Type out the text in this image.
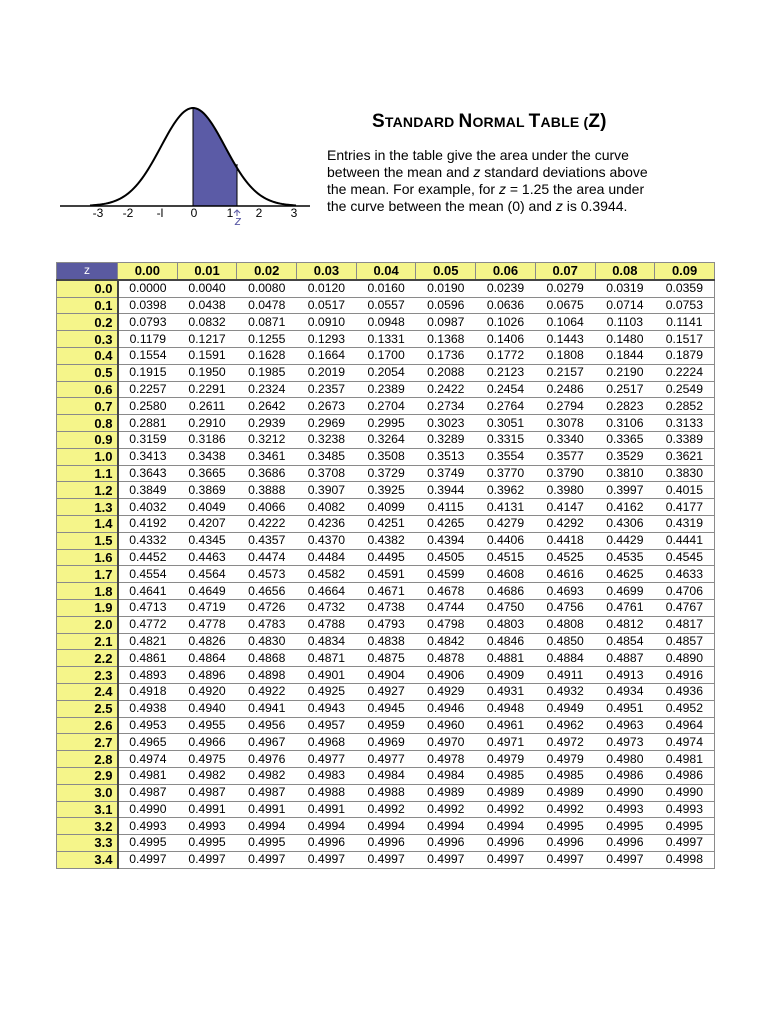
-3 -2 -l 0 1 2 3
z
STANDARD NORMAL TABLE (Z)
Entries in the table give the area under the curve
between the mean and z standard deviations above
the mean. For example, for z = 1.25 the area under
the curve between the mean (0) and z is 0.3944.
z	0.00	0.01	0.02	0.03	0.04	0.05	0.06	0.07	0.08	0.09
0.0	0.0000	0.0040	0.0080	0.0120	0.0160	0.0190	0.0239	0.0279	0.0319	0.0359
0.1	0.0398	0.0438	0.0478	0.0517	0.0557	0.0596	0.0636	0.0675	0.0714	0.0753
0.2	0.0793	0.0832	0.0871	0.0910	0.0948	0.0987	0.1026	0.1064	0.1103	0.1141
0.3	0.1179	0.1217	0.1255	0.1293	0.1331	0.1368	0.1406	0.1443	0.1480	0.1517
0.4	0.1554	0.1591	0.1628	0.1664	0.1700	0.1736	0.1772	0.1808	0.1844	0.1879
0.5	0.1915	0.1950	0.1985	0.2019	0.2054	0.2088	0.2123	0.2157	0.2190	0.2224
0.6	0.2257	0.2291	0.2324	0.2357	0.2389	0.2422	0.2454	0.2486	0.2517	0.2549
0.7	0.2580	0.2611	0.2642	0.2673	0.2704	0.2734	0.2764	0.2794	0.2823	0.2852
0.8	0.2881	0.2910	0.2939	0.2969	0.2995	0.3023	0.3051	0.3078	0.3106	0.3133
0.9	0.3159	0.3186	0.3212	0.3238	0.3264	0.3289	0.3315	0.3340	0.3365	0.3389
1.0	0.3413	0.3438	0.3461	0.3485	0.3508	0.3513	0.3554	0.3577	0.3529	0.3621
1.1	0.3643	0.3665	0.3686	0.3708	0.3729	0.3749	0.3770	0.3790	0.3810	0.3830
1.2	0.3849	0.3869	0.3888	0.3907	0.3925	0.3944	0.3962	0.3980	0.3997	0.4015
1.3	0.4032	0.4049	0.4066	0.4082	0.4099	0.4115	0.4131	0.4147	0.4162	0.4177
1.4	0.4192	0.4207	0.4222	0.4236	0.4251	0.4265	0.4279	0.4292	0.4306	0.4319
1.5	0.4332	0.4345	0.4357	0.4370	0.4382	0.4394	0.4406	0.4418	0.4429	0.4441
1.6	0.4452	0.4463	0.4474	0.4484	0.4495	0.4505	0.4515	0.4525	0.4535	0.4545
1.7	0.4554	0.4564	0.4573	0.4582	0.4591	0.4599	0.4608	0.4616	0.4625	0.4633
1.8	0.4641	0.4649	0.4656	0.4664	0.4671	0.4678	0.4686	0.4693	0.4699	0.4706
1.9	0.4713	0.4719	0.4726	0.4732	0.4738	0.4744	0.4750	0.4756	0.4761	0.4767
2.0	0.4772	0.4778	0.4783	0.4788	0.4793	0.4798	0.4803	0.4808	0.4812	0.4817
2.1	0.4821	0.4826	0.4830	0.4834	0.4838	0.4842	0.4846	0.4850	0.4854	0.4857
2.2	0.4861	0.4864	0.4868	0.4871	0.4875	0.4878	0.4881	0.4884	0.4887	0.4890
2.3	0.4893	0.4896	0.4898	0.4901	0.4904	0.4906	0.4909	0.4911	0.4913	0.4916
2.4	0.4918	0.4920	0.4922	0.4925	0.4927	0.4929	0.4931	0.4932	0.4934	0.4936
2.5	0.4938	0.4940	0.4941	0.4943	0.4945	0.4946	0.4948	0.4949	0.4951	0.4952
2.6	0.4953	0.4955	0.4956	0.4957	0.4959	0.4960	0.4961	0.4962	0.4963	0.4964
2.7	0.4965	0.4966	0.4967	0.4968	0.4969	0.4970	0.4971	0.4972	0.4973	0.4974
2.8	0.4974	0.4975	0.4976	0.4977	0.4977	0.4978	0.4979	0.4979	0.4980	0.4981
2.9	0.4981	0.4982	0.4982	0.4983	0.4984	0.4984	0.4985	0.4985	0.4986	0.4986
3.0	0.4987	0.4987	0.4987	0.4988	0.4988	0.4989	0.4989	0.4989	0.4990	0.4990
3.1	0.4990	0.4991	0.4991	0.4991	0.4992	0.4992	0.4992	0.4992	0.4993	0.4993
3.2	0.4993	0.4993	0.4994	0.4994	0.4994	0.4994	0.4994	0.4995	0.4995	0.4995
3.3	0.4995	0.4995	0.4995	0.4996	0.4996	0.4996	0.4996	0.4996	0.4996	0.4997
3.4	0.4997	0.4997	0.4997	0.4997	0.4997	0.4997	0.4997	0.4997	0.4997	0.4998
